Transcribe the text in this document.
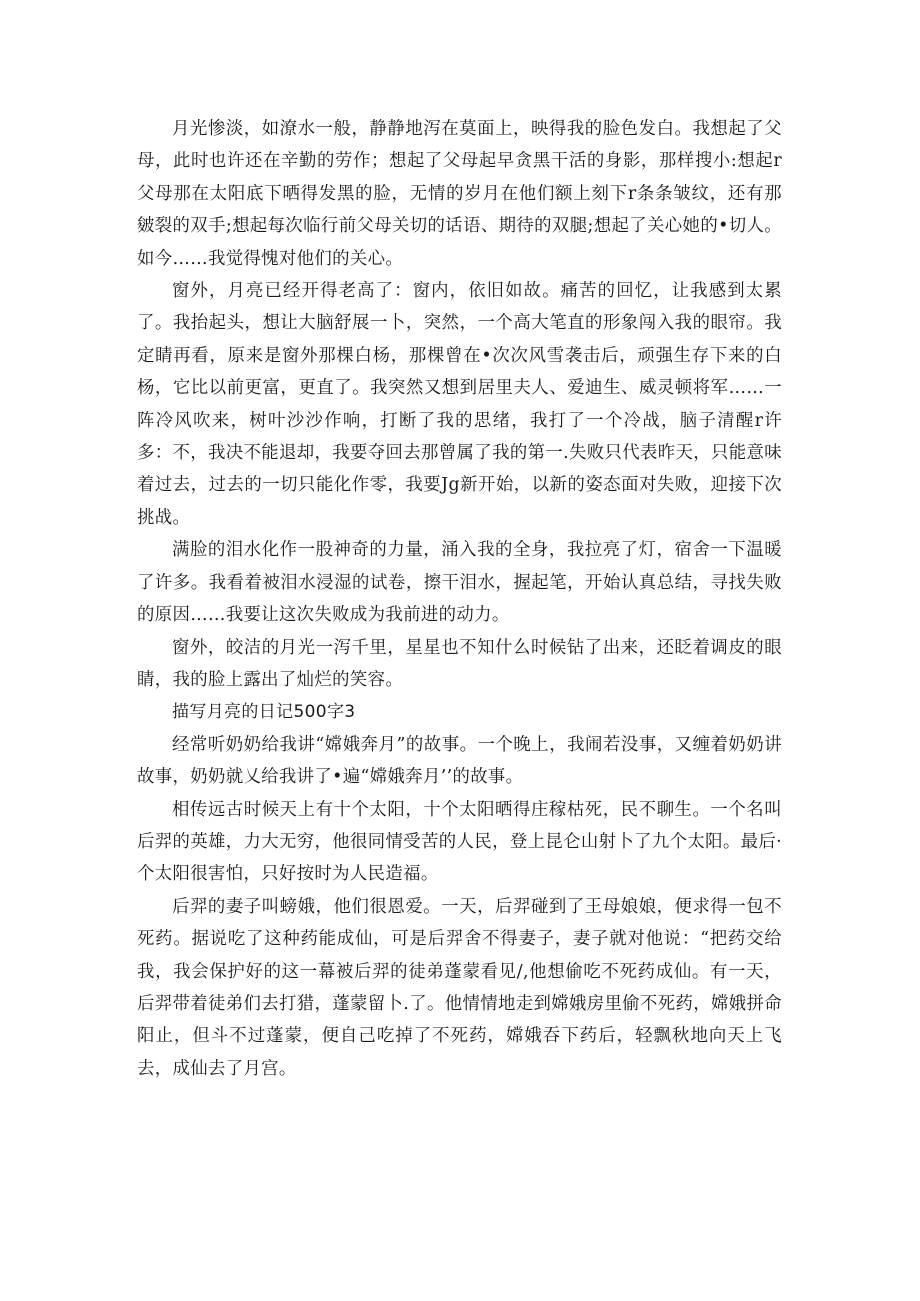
月光惨淡，如潦水一般，静静地泻在莫面上，映得我的脸色发白。我想起了父母，此时也许还在辛勤的劳作；想起了父母起早贪黑干活的身影，那样搜小:想起r父母那在太阳底下晒得发黑的脸，无情的岁月在他们额上刻下r条条皱纹，还有那皴裂的双手;想起每次临行前父母关切的话语、期待的双腿;想起了关心她的•切人。如今……我觉得愧对他们的关心。

窗外，月亮已经开得老高了：窗内，依旧如故。痛苦的回忆，让我感到太累了。我抬起头，想让大脑舒展一卜，突然，一个高大笔直的形象闯入我的眼帘。我定睛再看，原来是窗外那棵白杨，那棵曾在•次次风雪袭击后，顽强生存下来的白杨，它比以前更富，更直了。我突然又想到居里夫人、爱迪生、威灵顿将军……一阵冷风吹来，树叶沙沙作响，打断了我的思绪，我打了一个冷战，脑子清醒r许多：不，我决不能退却，我要夺回去那曾属了我的第一.失败只代表昨天，只能意味着过去，过去的一切只能化作零，我要Jg新开始，以新的姿态面对失败，迎接下次挑战。

满脸的泪水化作一股神奇的力量，涌入我的全身，我拉亮了灯，宿舍一下温暖了许多。我看着被泪水浸湿的试卷，擦干泪水，握起笔，开始认真总结，寻找失败的原因……我要让这次失败成为我前进的动力。

窗外，皎洁的月光一泻千里，星星也不知什么时候钻了出来，还眨着调皮的眼睛，我的脸上露出了灿烂的笑容。

描写月亮的日记500字3

经常听奶奶给我讲“嫦娥奔月”的故事。一个晚上，我闹若没事，又缠着奶奶讲故事，奶奶就乂给我讲了•遍“嫦娥奔月’’的故事。

相传远古时候天上有十个太阳，十个太阳晒得庄稼枯死，民不聊生。一个名叫后羿的英雄，力大无穷，他很同情受苦的人民，登上昆仑山射卜了九个太阳。最后·个太阳很害怕，只好按时为人民造福。

后羿的妻子叫螃娥，他们很恩爱。一天，后羿碰到了王母娘娘，便求得一包不死药。据说吃了这种药能成仙，可是后羿舍不得妻子，妻子就对他说：“把药交给我，我会保护好的这一幕被后羿的徒弟蓬蒙看见/,他想偷吃不死药成仙。有一天，后羿带着徒弟们去打猎，蓬蒙留卜.了。他情情地走到嫦娥房里偷不死药，嫦娥拼命阳止，但斗不过蓬蒙，便自己吃掉了不死药，嫦娥吞下药后，轻飘秋地向天上飞去，成仙去了月宫。
